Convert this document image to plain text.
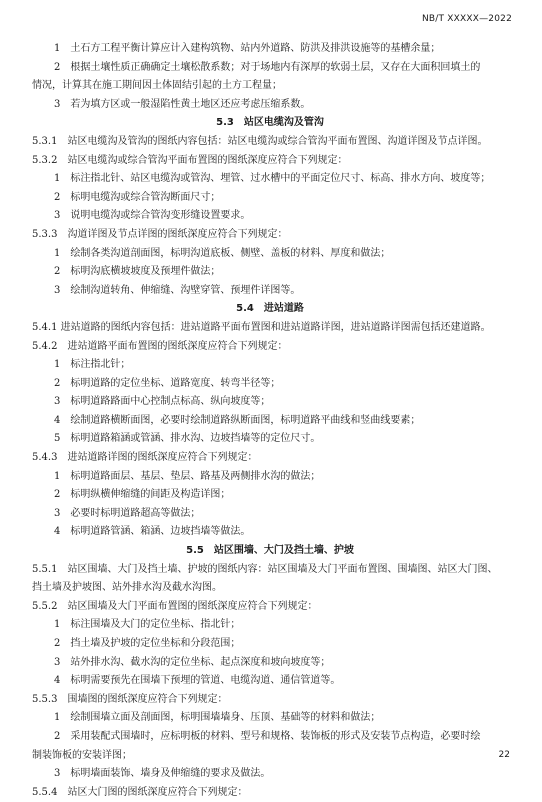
NB/T XXXXX—2022
1　土石方工程平衡计算应计入建构筑物、站内外道路、防洪及排洪设施等的基槽余量；
2　根据土壤性质正确确定土壤松散系数；对于场地内有深厚的软弱土层，又存在大面积回填土的
情况，计算其在施工期间因土体固结引起的土方工程量；
3　若为填方区或一般湿陷性黄土地区还应考虑压缩系数。
5.3　站区电缆沟及管沟
5.3.1　站区电缆沟及管沟的图纸内容包括：站区电缆沟或综合管沟平面布置图、沟道详图及节点详图。
5.3.2　站区电缆沟或综合管沟平面布置图的图纸深度应符合下列规定：
1　标注指北针、站区电缆沟或管沟、埋管、过水槽中的平面定位尺寸、标高、排水方向、坡度等；
2　标明电缆沟或综合管沟断面尺寸；
3　说明电缆沟或综合管沟变形缝设置要求。
5.3.3　沟道详图及节点详图的图纸深度应符合下列规定：
1　绘制各类沟道剖面图，标明沟道底板、侧壁、盖板的材料、厚度和做法；
2　标明沟底横坡坡度及预埋件做法；
3　绘制沟道转角、伸缩缝、沟壁穿管、预埋件详图等。
5.4　进站道路
5.4.1 进站道路的图纸内容包括：进站道路平面布置图和进站道路详图，进站道路详图需包括还建道路。
5.4.2　进站道路平面布置图的图纸深度应符合下列规定：
1　标注指北针；
2　标明道路的定位坐标、道路宽度、转弯半径等；
3　标明道路路面中心控制点标高、纵向坡度等；
4　绘制道路横断面图，必要时绘制道路纵断面图，标明道路平曲线和竖曲线要素；
5　标明道路箱涵或管涵、排水沟、边坡挡墙等的定位尺寸。
5.4.3　进站道路详图的图纸深度应符合下列规定：
1　标明道路面层、基层、垫层、路基及两侧排水沟的做法；
2　标明纵横伸缩缝的间距及构造详图；
3　必要时标明道路超高等做法；
4　标明道路管涵、箱涵、边坡挡墙等做法。
5.5　站区围墙、大门及挡土墙、护坡
5.5.1　站区围墙、大门及挡土墙、护坡的图纸内容：站区围墙及大门平面布置图、围墙图、站区大门图、
挡土墙及护坡图、站外排水沟及截水沟图。
5.5.2　站区围墙及大门平面布置图的图纸深度应符合下列规定：
1　标注围墙及大门的定位坐标、指北针；
2　挡土墙及护坡的定位坐标和分段范围；
3　站外排水沟、截水沟的定位坐标、起点深度和坡向坡度等；
4　标明需要预先在围墙下预埋的管道、电缆沟道、通信管道等。
5.5.3　围墙图的图纸深度应符合下列规定：
1　绘制围墙立面及剖面图，标明围墙墙身、压顶、基础等的材料和做法；
2　采用装配式围墙时，应标明板的材料、型号和规格、装饰板的形式及安装节点构造，必要时绘
制装饰板的安装详图；
3　标明墙面装饰、墙身及伸缩缝的要求及做法。
5.5.4　站区大门图的图纸深度应符合下列规定：
22
